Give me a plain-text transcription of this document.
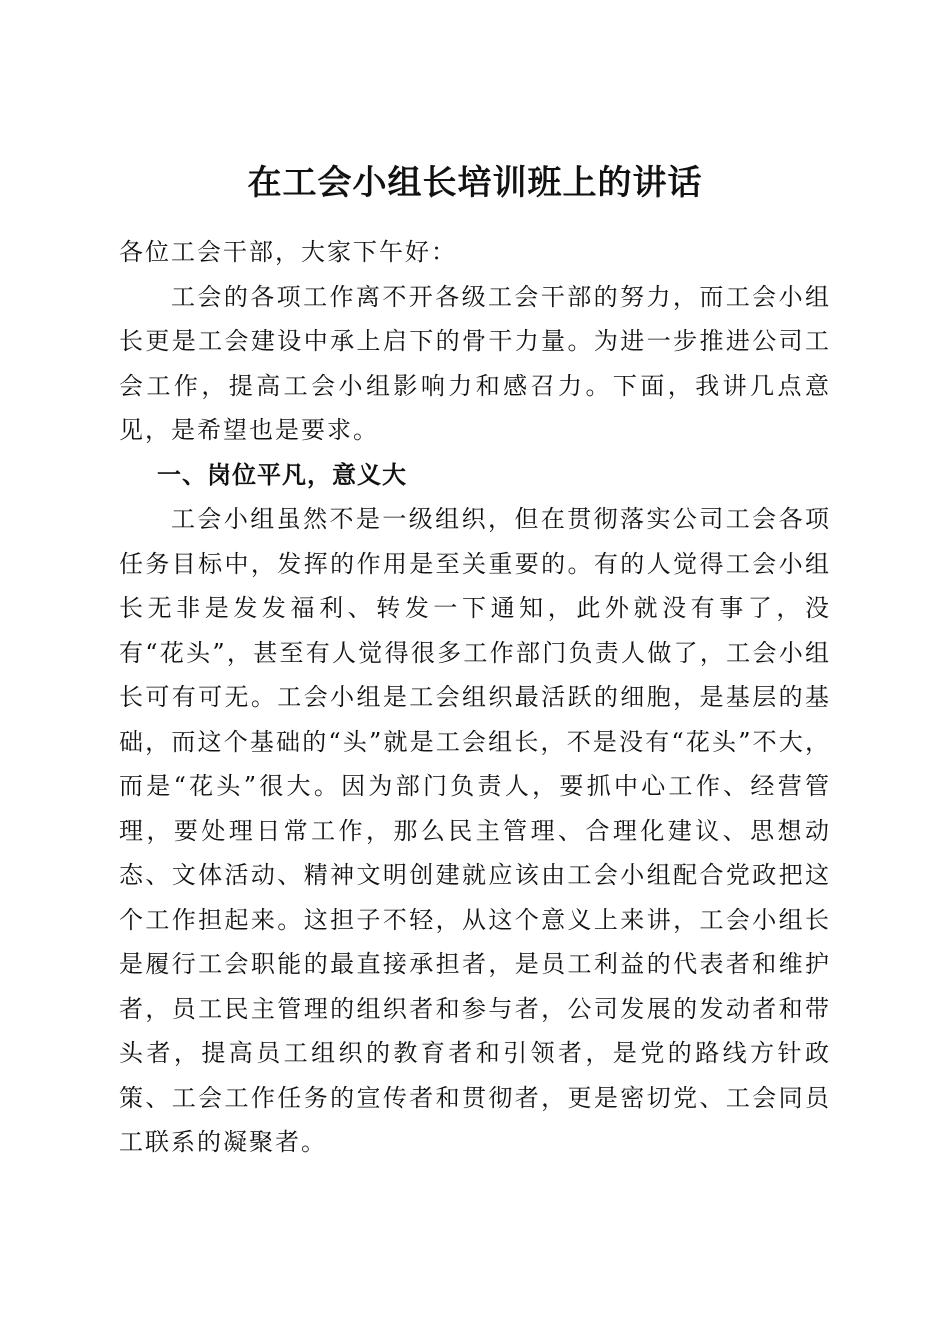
在工会小组长培训班上的讲话

各位工会干部，大家下午好：

工会的各项工作离不开各级工会干部的努力，而工会小组长更是工会建设中承上启下的骨干力量。为进一步推进公司工会工作，提高工会小组影响力和感召力。下面，我讲几点意见，是希望也是要求。

一、岗位平凡，意义大

工会小组虽然不是一级组织，但在贯彻落实公司工会各项任务目标中，发挥的作用是至关重要的。有的人觉得工会小组长无非是发发福利、转发一下通知，此外就没有事了，没有“花头”，甚至有人觉得很多工作部门负责人做了，工会小组长可有可无。工会小组是工会组织最活跃的细胞，是基层的基础，而这个基础的“头”就是工会组长，不是没有“花头”不大，而是“花头”很大。因为部门负责人，要抓中心工作、经营管理，要处理日常工作，那么民主管理、合理化建议、思想动态、文体活动、精神文明创建就应该由工会小组配合党政把这个工作担起来。这担子不轻，从这个意义上来讲，工会小组长是履行工会职能的最直接承担者，是员工利益的代表者和维护者，员工民主管理的组织者和参与者，公司发展的发动者和带头者，提高员工组织的教育者和引领者，是党的路线方针政策、工会工作任务的宣传者和贯彻者，更是密切党、工会同员工联系的凝聚者。
